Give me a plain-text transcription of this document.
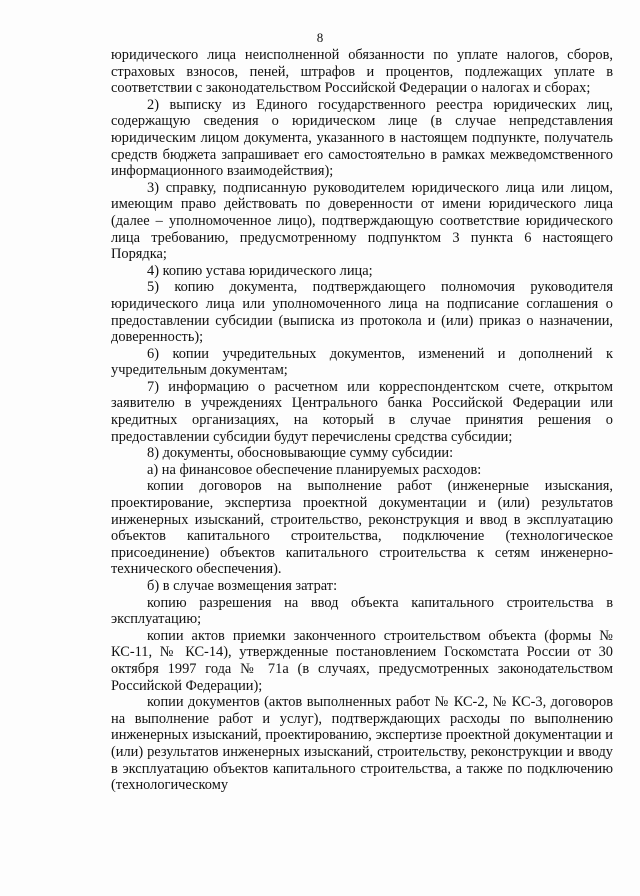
8

юридического лица неисполненной обязанности по уплате налогов, сборов, страховых взносов, пеней, штрафов и процентов, подлежащих уплате в соответствии с законодательством Российской Федерации о налогах и сборах;

2) выписку из Единого государственного реестра юридических лиц, содержащую сведения о юридическом лице (в случае непредставления юридическим лицом документа, указанного в настоящем подпункте, получатель средств бюджета запрашивает его самостоятельно в рамках межведомственного информационного взаимодействия);

3) справку, подписанную руководителем юридического лица или лицом, имеющим право действовать по доверенности от имени юридического лица (далее – уполномоченное лицо), подтверждающую соответствие юридического лица требованию, предусмотренному подпунктом 3 пункта 6 настоящего Порядка;

4) копию устава юридического лица;

5) копию документа, подтверждающего полномочия руководителя юридического лица или уполномоченного лица на подписание соглашения о предоставлении субсидии (выписка из протокола и (или) приказ о назначении, доверенность);

6) копии учредительных документов, изменений и дополнений к учредительным документам;

7) информацию о расчетном или корреспондентском счете, открытом заявителю в учреждениях Центрального банка Российской Федерации или кредитных организациях, на который в случае принятия решения о предоставлении субсидии будут перечислены средства субсидии;

8) документы, обосновывающие сумму субсидии:

а) на финансовое обеспечение планируемых расходов:

копии договоров на выполнение работ (инженерные изыскания, проектирование, экспертиза проектной документации и (или) результатов инженерных изысканий, строительство, реконструкция и ввод в эксплуатацию объектов капитального строительства, подключение (технологическое присоединение) объектов капитального строительства к сетям инженерно-технического обеспечения).

б) в случае возмещения затрат:

копию разрешения на ввод объекта капитального строительства в эксплуатацию;

копии актов приемки законченного строительством объекта (формы № КС-11, № КС-14), утвержденные постановлением Госкомстата России от 30 октября 1997 года № 71а (в случаях, предусмотренных законодательством Российской Федерации);

копии документов (актов выполненных работ № КС-2, № КС-3, договоров на выполнение работ и услуг), подтверждающих расходы по выполнению инженерных изысканий, проектированию, экспертизе проектной документации и (или) результатов инженерных изысканий, строительству, реконструкции и вводу в эксплуатацию объектов капитального строительства, а также по подключению (технологическому
